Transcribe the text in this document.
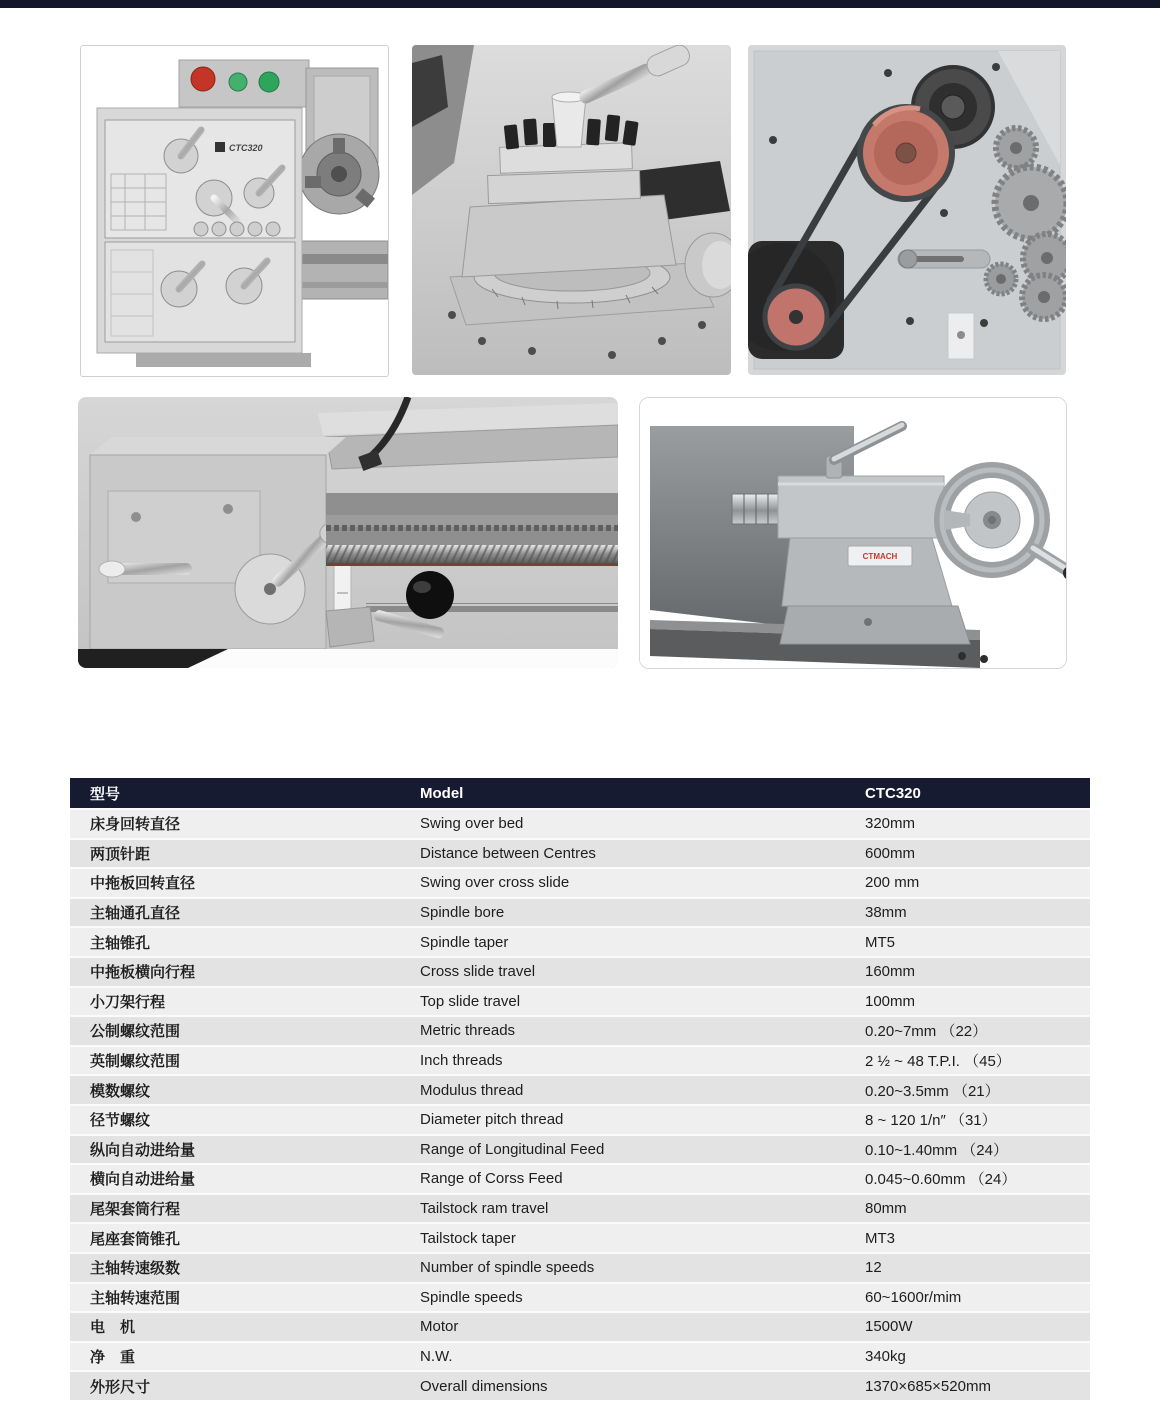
CTC320
CTMACH
型号	Model	CTC320
床身回转直径	Swing over bed	320mm
两顶针距	Distance between Centres	600mm
中拖板回转直径	Swing over cross slide	200 mm
主轴通孔直径	Spindle bore	38mm
主轴锥孔	Spindle taper	MT5
中拖板横向行程	Cross slide travel	160mm
小刀架行程	Top slide travel	100mm
公制螺纹范围	Metric threads	0.20~7mm （22）
英制螺纹范围	Inch threads	2 ½ ~ 48 T.P.I. （45）
模数螺纹	Modulus thread	0.20~3.5mm （21）
径节螺纹	Diameter pitch thread	8 ~ 120 1/n″ （31）
纵向自动进给量	Range of Longitudinal Feed	0.10~1.40mm （24）
横向自动进给量	Range of Corss Feed	0.045~0.60mm （24）
尾架套筒行程	Tailstock ram travel	80mm
尾座套筒锥孔	Tailstock taper	MT3
主轴转速级数	Number of spindle speeds	12
主轴转速范围	Spindle speeds	60~1600r/mim
电　机	Motor	1500W
净　重	N.W.	340kg
外形尺寸	Overall dimensions	1370×685×520mm
